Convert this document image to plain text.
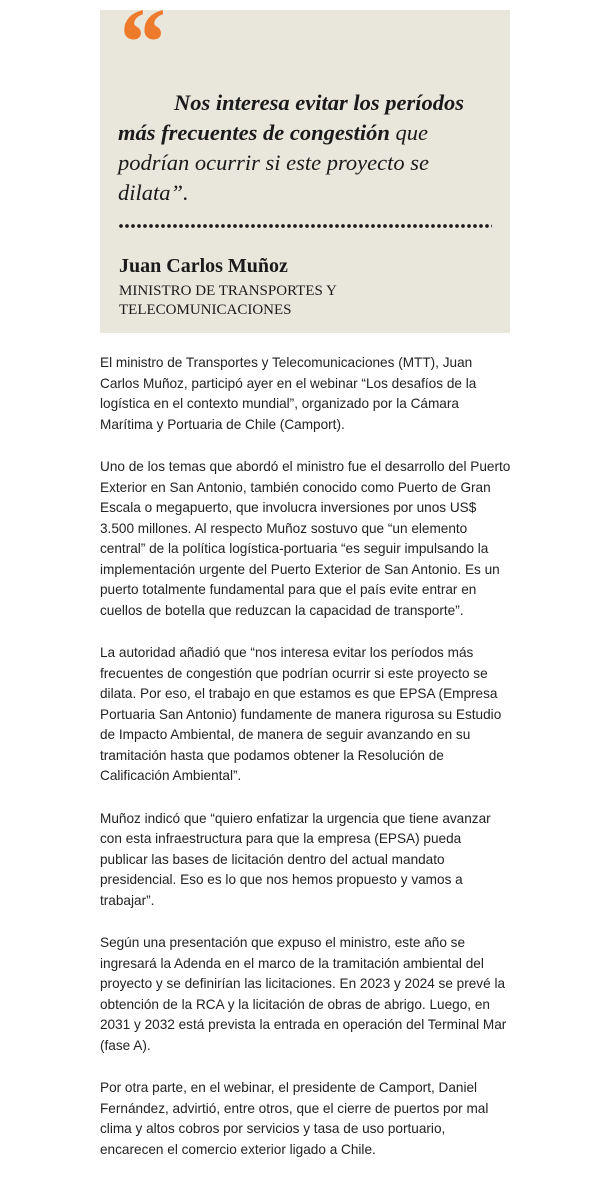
“

Nos interesa evitar los períodos más frecuentes de congestión que podrían ocurrir si este proyecto se dilata”.

Juan Carlos Muñoz

MINISTRO DE TRANSPORTES Y TELECOMUNICACIONES

El ministro de Transportes y Telecomunicaciones (MTT), Juan Carlos Muñoz, participó ayer en el webinar “Los desafíos de la logística en el contexto mundial”, organizado por la Cámara Marítima y Portuaria de Chile (Camport).

Uno de los temas que abordó el ministro fue el desarrollo del Puerto Exterior en San Antonio, también conocido como Puerto de Gran Escala o megapuerto, que involucra inversiones por unos US$ 3.500 millones. Al respecto Muñoz sostuvo que “un elemento central” de la política logística-portuaria “es seguir impulsando la implementación urgente del Puerto Exterior de San Antonio. Es un puerto totalmente fundamental para que el país evite entrar en cuellos de botella que reduzcan la capacidad de transporte”.

La autoridad añadió que “nos interesa evitar los períodos más frecuentes de congestión que podrían ocurrir si este proyecto se dilata. Por eso, el trabajo en que estamos es que EPSA (Empresa Portuaria San Antonio) fundamente de manera rigurosa su Estudio de Impacto Ambiental, de manera de seguir avanzando en su tramitación hasta que podamos obtener la Resolución de Calificación Ambiental”.

Muñoz indicó que “quiero enfatizar la urgencia que tiene avanzar con esta infraestructura para que la empresa (EPSA) pueda publicar las bases de licitación dentro del actual mandato presidencial. Eso es lo que nos hemos propuesto y vamos a trabajar”.

Según una presentación que expuso el ministro, este año se ingresará la Adenda en el marco de la tramitación ambiental del proyecto y se definirían las licitaciones. En 2023 y 2024 se prevé la obtención de la RCA y la licitación de obras de abrigo. Luego, en 2031 y 2032 está prevista la entrada en operación del Terminal Mar (fase A).

Por otra parte, en el webinar, el presidente de Camport, Daniel Fernández, advirtió, entre otros, que el cierre de puertos por mal clima y altos cobros por servicios y tasa de uso portuario, encarecen el comercio exterior ligado a Chile.
